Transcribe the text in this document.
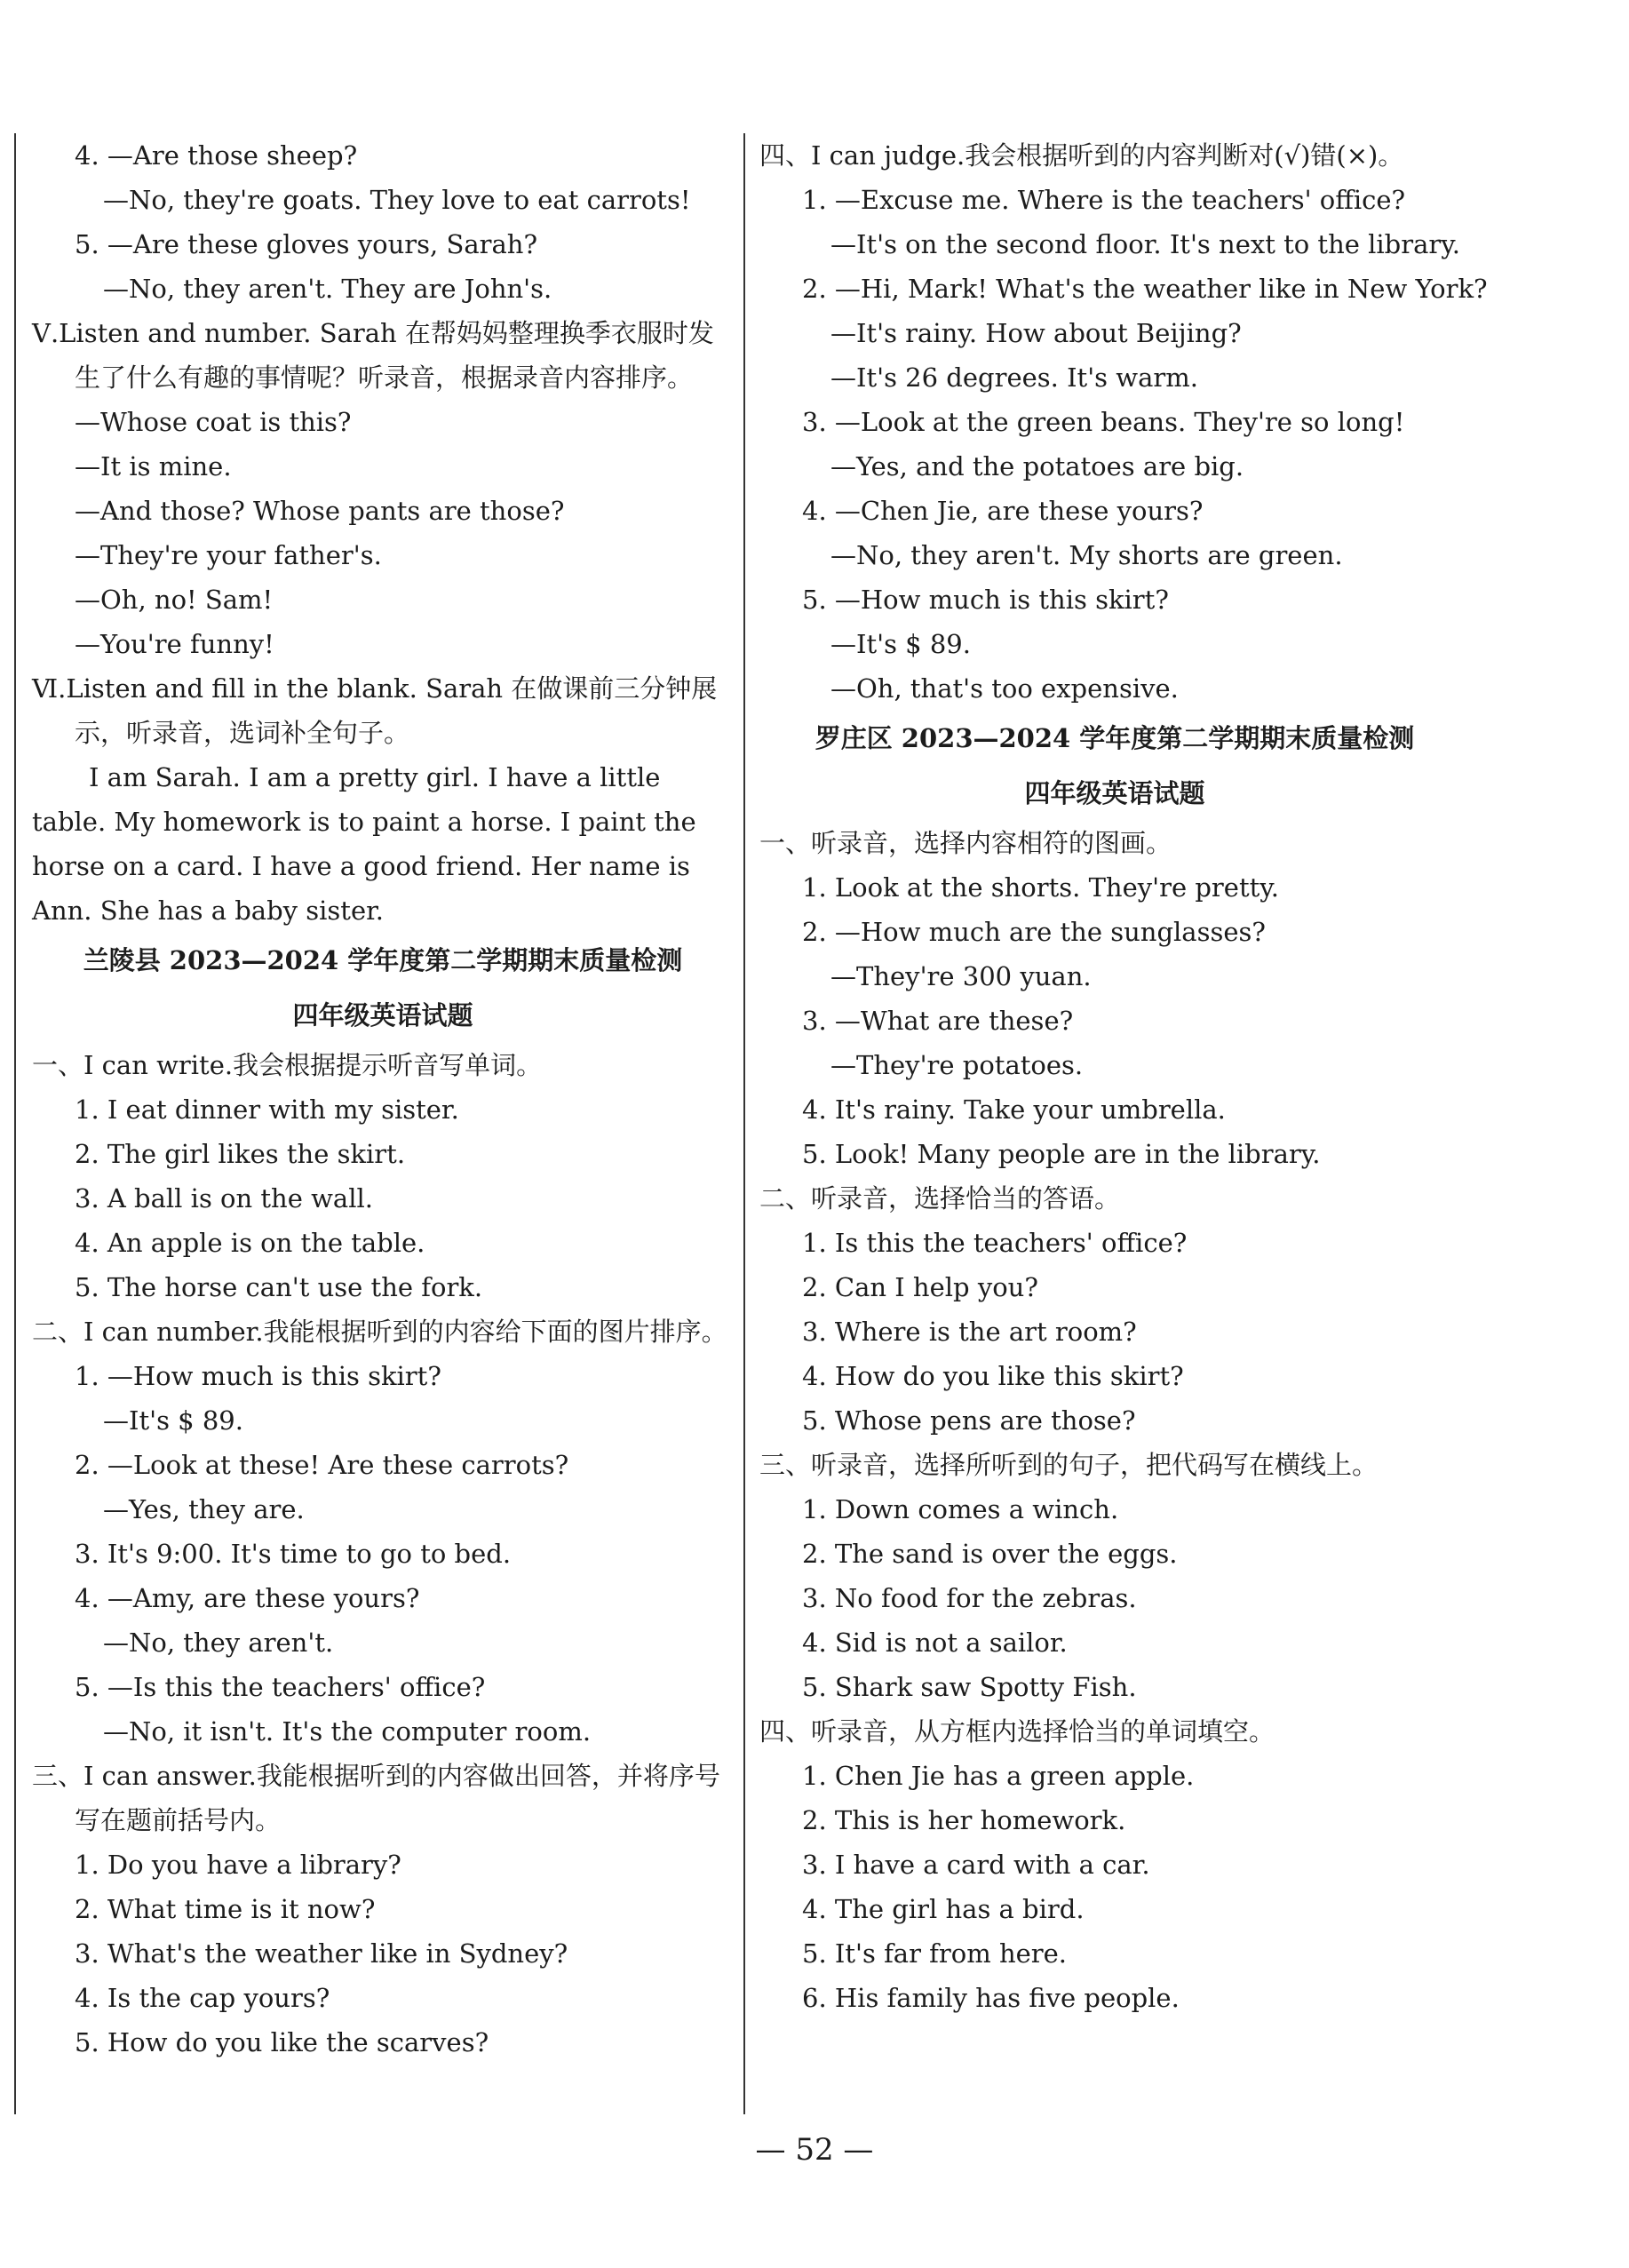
4. —Are those sheep?
—No, they're goats. They love to eat carrots!
5. —Are these gloves yours, Sarah?
—No, they aren't. They are John's.
Ⅴ.Listen and number. Sarah 在帮妈妈整理换季衣服时发生了什么有趣的事情呢？听录音，根据录音内容排序。
—Whose coat is this?
—It is mine.
—And those? Whose pants are those?
—They're your father's.
—Oh, no! Sam!
—You're funny!
Ⅵ.Listen and fill in the blank. Sarah 在做课前三分钟展示，听录音，选词补全句子。
I am Sarah. I am a pretty girl. I have a little table. My homework is to paint a horse. I paint the horse on a card. I have a good friend. Her name is Ann. She has a baby sister.
兰陵县 2023—2024 学年度第二学期期末质量检测
四年级英语试题
一、I can write.我会根据提示听音写单词。
1. I eat dinner with my sister.
2. The girl likes the skirt.
3. A ball is on the wall.
4. An apple is on the table.
5. The horse can't use the fork.
二、I can number.我能根据听到的内容给下面的图片排序。
1. —How much is this skirt?
—It's $ 89.
2. —Look at these! Are these carrots?
—Yes, they are.
3. It's 9:00. It's time to go to bed.
4. —Amy, are these yours?
—No, they aren't.
5. —Is this the teachers' office?
—No, it isn't. It's the computer room.
三、I can answer.我能根据听到的内容做出回答，并将序号写在题前括号内。
1. Do you have a library?
2. What time is it now?
3. What's the weather like in Sydney?
4. Is the cap yours?
5. How do you like the scarves?
四、I can judge.我会根据听到的内容判断对(√)错(×)。
1. —Excuse me. Where is the teachers' office?
—It's on the second floor. It's next to the library.
2. —Hi, Mark! What's the weather like in New York?
—It's rainy. How about Beijing?
—It's 26 degrees. It's warm.
3. —Look at the green beans. They're so long!
—Yes, and the potatoes are big.
4. —Chen Jie, are these yours?
—No, they aren't. My shorts are green.
5. —How much is this skirt?
—It's $ 89.
—Oh, that's too expensive.
罗庄区 2023—2024 学年度第二学期期末质量检测
四年级英语试题
一、听录音，选择内容相符的图画。
1. Look at the shorts. They're pretty.
2. —How much are the sunglasses?
—They're 300 yuan.
3. —What are these?
—They're potatoes.
4. It's rainy. Take your umbrella.
5. Look! Many people are in the library.
二、听录音，选择恰当的答语。
1. Is this the teachers' office?
2. Can I help you?
3. Where is the art room?
4. How do you like this skirt?
5. Whose pens are those?
三、听录音，选择所听到的句子，把代码写在横线上。
1. Down comes a winch.
2. The sand is over the eggs.
3. No food for the zebras.
4. Sid is not a sailor.
5. Shark saw Spotty Fish.
四、听录音，从方框内选择恰当的单词填空。
1. Chen Jie has a green apple.
2. This is her homework.
3. I have a card with a car.
4. The girl has a bird.
5. It's far from here.
6. His family has five people.
— 52 —
